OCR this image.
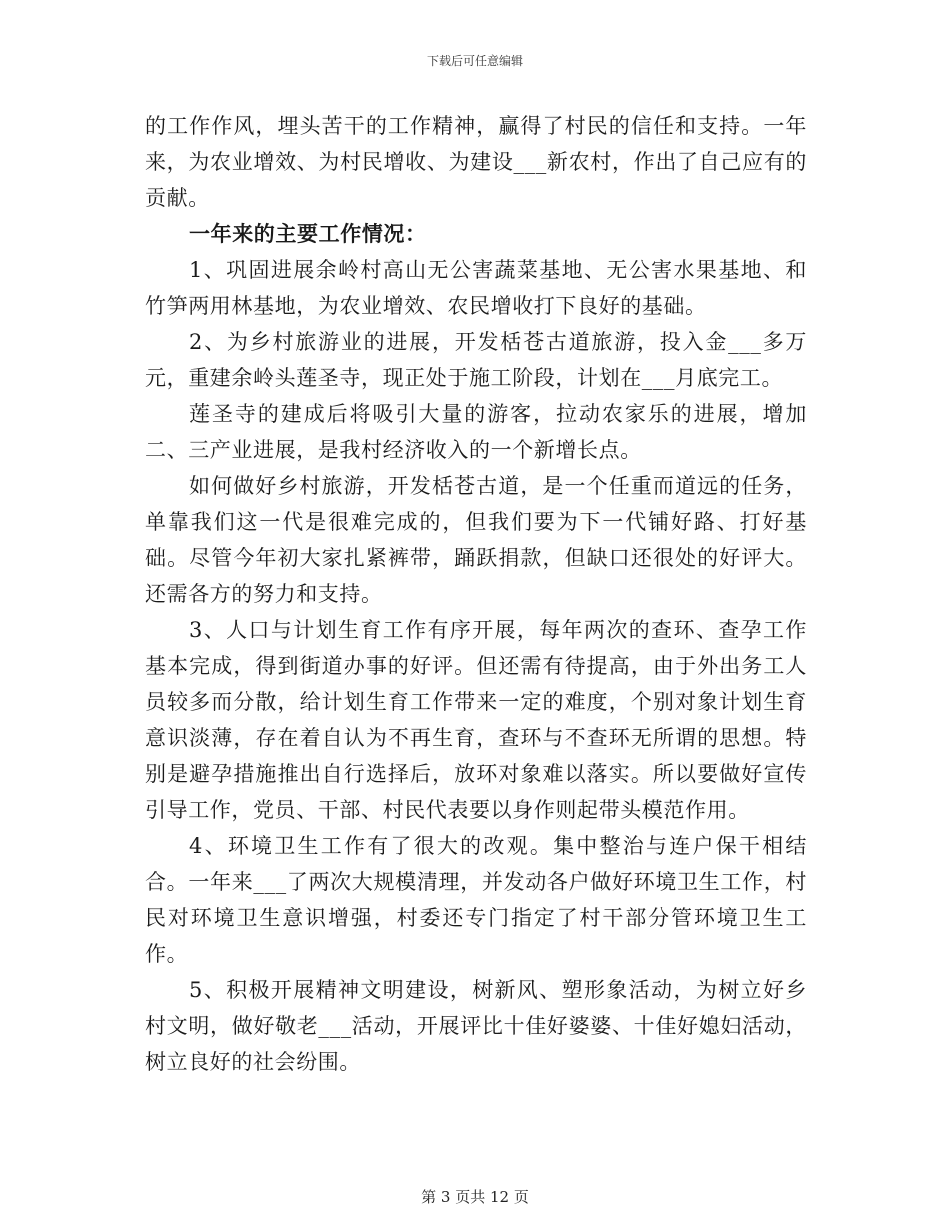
下载后可任意编辑

的工作作风，埋头苦干的工作精神，赢得了村民的信任和支持。一年来，为农业增效、为村民增收、为建设___新农村，作出了自己应有的贡献。

一年来的主要工作情况：

1、巩固进展余岭村高山无公害蔬菜基地、无公害水果基地、和竹笋两用林基地，为农业增效、农民增收打下良好的基础。

2、为乡村旅游业的进展，开发栝苍古道旅游，投入金___多万元，重建余岭头莲圣寺，现正处于施工阶段，计划在___月底完工。

莲圣寺的建成后将吸引大量的游客，拉动农家乐的进展，增加二、三产业进展，是我村经济收入的一个新增长点。

如何做好乡村旅游，开发栝苍古道，是一个任重而道远的任务，单靠我们这一代是很难完成的，但我们要为下一代铺好路、打好基础。尽管今年初大家扎紧裤带，踊跃捐款，但缺口还很处的好评大。还需各方的努力和支持。

3、人口与计划生育工作有序开展，每年两次的查环、查孕工作基本完成，得到街道办事的好评。但还需有待提高，由于外出务工人员较多而分散，给计划生育工作带来一定的难度，个别对象计划生育意识淡薄，存在着自认为不再生育，查环与不查环无所谓的思想。特别是避孕措施推出自行选择后，放环对象难以落实。所以要做好宣传引导工作，党员、干部、村民代表要以身作则起带头模范作用。

4、环境卫生工作有了很大的改观。集中整治与连户保干相结合。一年来___了两次大规模清理，并发动各户做好环境卫生工作，村民对环境卫生意识增强，村委还专门指定了村干部分管环境卫生工作。

5、积极开展精神文明建设，树新风、塑形象活动，为树立好乡村文明，做好敬老___活动，开展评比十佳好婆婆、十佳好媳妇活动，树立良好的社会纷围。

第 3 页共 12 页
